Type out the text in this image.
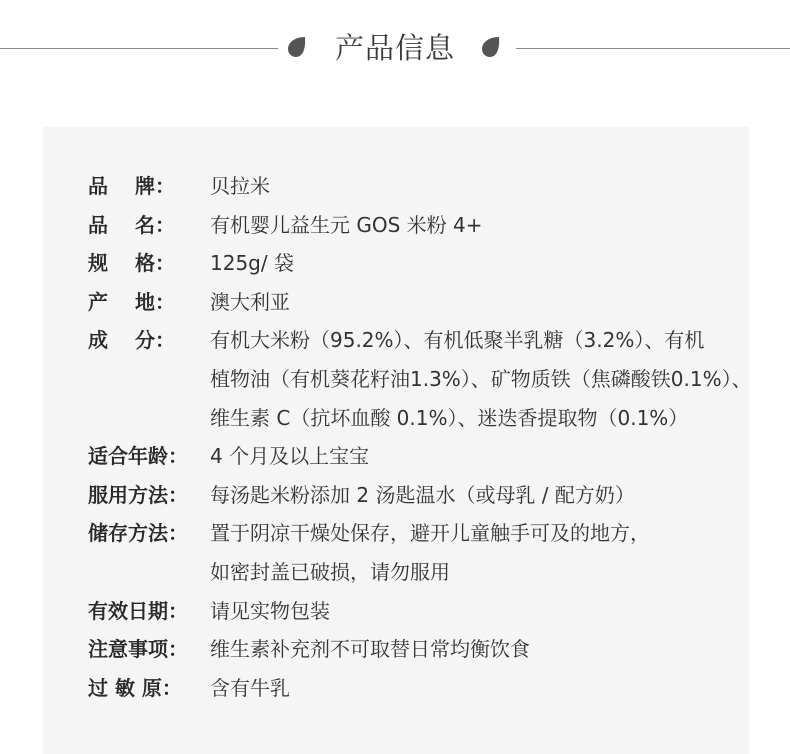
产品信息
品　 牌：	贝拉米
品　 名：	有机婴儿益生元 GOS 米粉 4+
规　 格：	125g/ 袋
产　 地：	澳大利亚
成　 分：	有机大米粉（95.2%）、有机低聚半乳糖（3.2%）、有机
植物油（有机葵花籽油1.3%）、矿物质铁（焦磷酸铁0.1%）、
维生素 C（抗坏血酸 0.1%）、迷迭香提取物（0.1%）
适合年龄：	4 个月及以上宝宝
服用方法：	每汤匙米粉添加 2 汤匙温水（或母乳 / 配方奶）
储存方法：	置于阴凉干燥处保存，避开儿童触手可及的地方，
如密封盖已破损，请勿服用
有效日期：	请见实物包装
注意事项：	维生素补充剂不可取替日常均衡饮食
过 敏 原：	含有牛乳
